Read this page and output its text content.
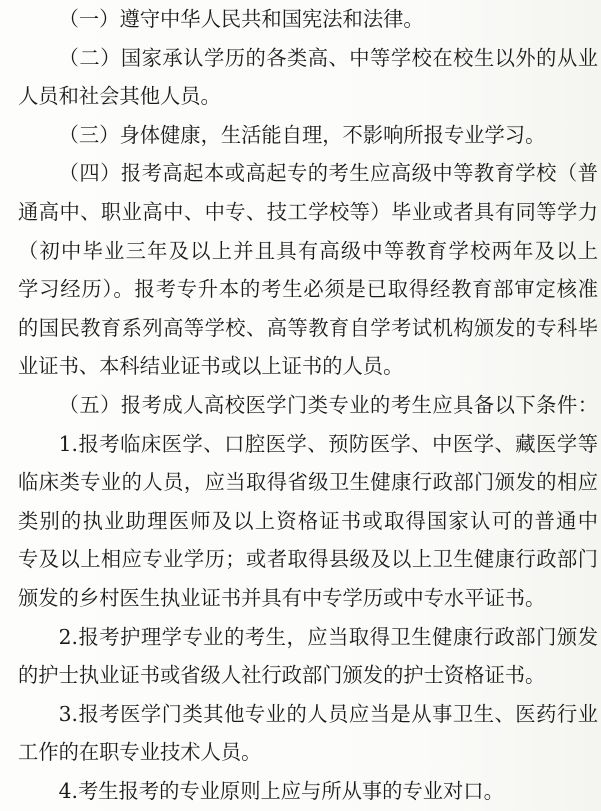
（一）遵守中华人民共和国宪法和法律。
（二）国家承认学历的各类高、中等学校在校生以外的从业
人员和社会其他人员。
（三）身体健康，生活能自理，不影响所报专业学习。
（四）报考高起本或高起专的考生应高级中等教育学校（普
通高中、职业高中、中专、技工学校等）毕业或者具有同等学力
（初中毕业三年及以上并且具有高级中等教育学校两年及以上
学习经历）。报考专升本的考生必须是已取得经教育部审定核准
的国民教育系列高等学校、高等教育自学考试机构颁发的专科毕
业证书、本科结业证书或以上证书的人员。
（五）报考成人高校医学门类专业的考生应具备以下条件：
1.报考临床医学、口腔医学、预防医学、中医学、藏医学等
临床类专业的人员，应当取得省级卫生健康行政部门颁发的相应
类别的执业助理医师及以上资格证书或取得国家认可的普通中
专及以上相应专业学历；或者取得县级及以上卫生健康行政部门
颁发的乡村医生执业证书并具有中专学历或中专水平证书。
2.报考护理学专业的考生，应当取得卫生健康行政部门颁发
的护士执业证书或省级人社行政部门颁发的护士资格证书。
3.报考医学门类其他专业的人员应当是从事卫生、医药行业
工作的在职专业技术人员。
4.考生报考的专业原则上应与所从事的专业对口。
